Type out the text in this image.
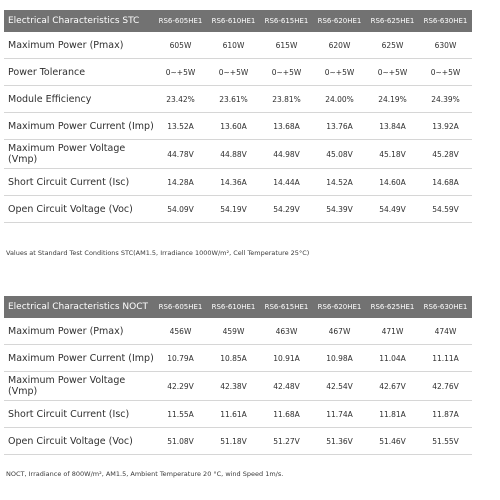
Electrical Characteristics STC	RS6-605HE1	RS6-610HE1	RS6-615HE1	RS6-620HE1	RS6-625HE1	RS6-630HE1
Maximum Power (Pmax)	605W	610W	615W	620W	625W	630W
Power Tolerance	0~+5W	0~+5W	0~+5W	0~+5W	0~+5W	0~+5W
Module Efficiency	23.42%	23.61%	23.81%	24.00%	24.19%	24.39%
Maximum Power Current (Imp)	13.52A	13.60A	13.68A	13.76A	13.84A	13.92A
Maximum Power Voltage (Vmp)	44.78V	44.88V	44.98V	45.08V	45.18V	45.28V
Short Circuit Current (Isc)	14.28A	14.36A	14.44A	14.52A	14.60A	14.68A
Open Circuit Voltage (Voc)	54.09V	54.19V	54.29V	54.39V	54.49V	54.59V
Values at Standard Test Conditions STC(AM1.5, Irradiance 1000W/m², Cell Temperature 25°C)
Electrical Characteristics NOCT	RS6-605HE1	RS6-610HE1	RS6-615HE1	RS6-620HE1	RS6-625HE1	RS6-630HE1
Maximum Power (Pmax)	456W	459W	463W	467W	471W	474W
Maximum Power Current (Imp)	10.79A	10.85A	10.91A	10.98A	11.04A	11.11A
Maximum Power Voltage (Vmp)	42.29V	42.38V	42.48V	42.54V	42.67V	42.76V
Short Circuit Current (Isc)	11.55A	11.61A	11.68A	11.74A	11.81A	11.87A
Open Circuit Voltage (Voc)	51.08V	51.18V	51.27V	51.36V	51.46V	51.55V
NOCT, Irradiance of 800W/m², AM1.5, Ambient Temperature 20 °C, wind Speed 1m/s.
